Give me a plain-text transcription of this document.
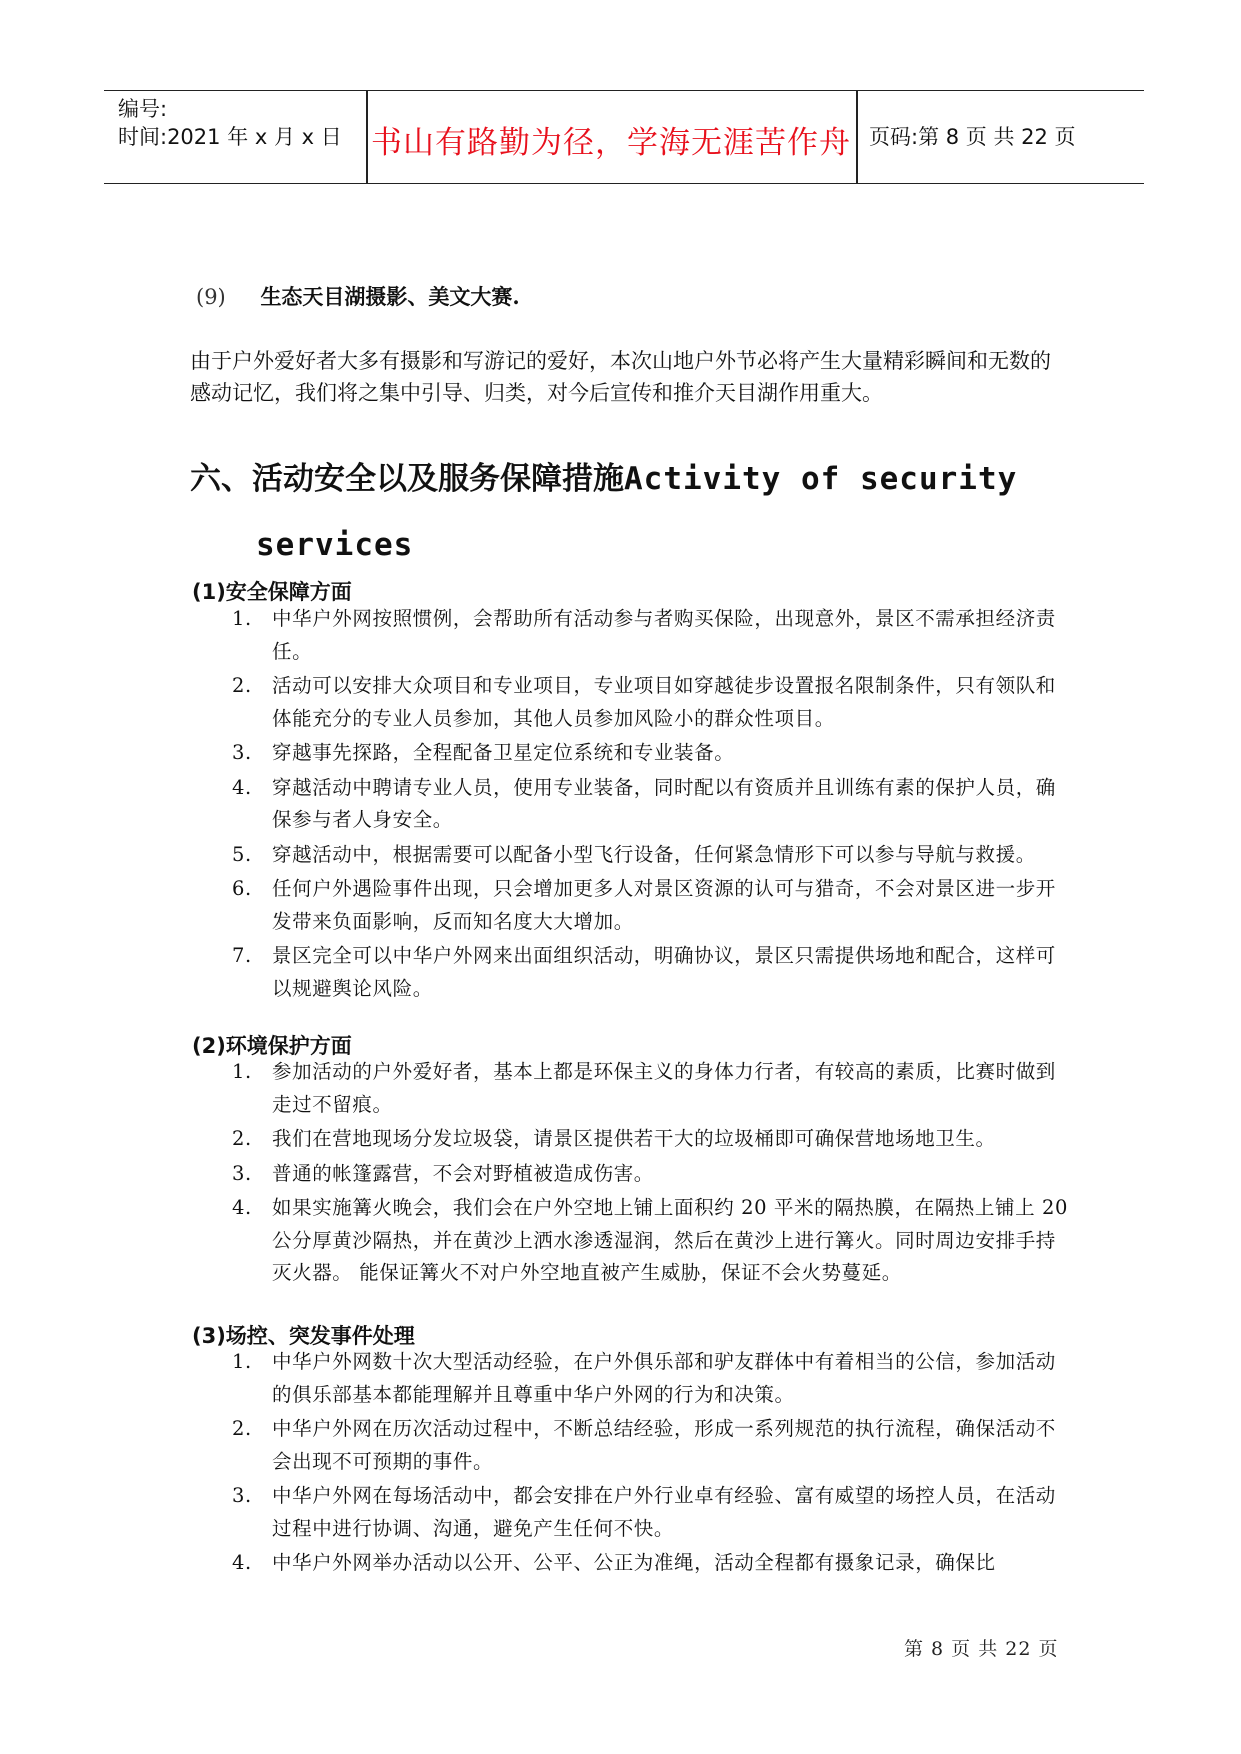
编号:
时间:2021 年 x 月 x 日 书山有路勤为径，学海无涯苦作舟 页码:第 8 页 共 22 页
(9) 生态天目湖摄影、美文大赛.
由于户外爱好者大多有摄影和写游记的爱好，本次山地户外节必将产生大量精彩瞬间和无数的感动记忆，我们将之集中引导、归类，对今后宣传和推介天目湖作用重大。
六、活动安全以及服务保障措施Activity of security
services
(1)安全保障方面
1. 中华户外网按照惯例，会帮助所有活动参与者购买保险，出现意外，景区不需承担经济责任。
2. 活动可以安排大众项目和专业项目，专业项目如穿越徒步设置报名限制条件，只有领队和体能充分的专业人员参加，其他人员参加风险小的群众性项目。
3. 穿越事先探路，全程配备卫星定位系统和专业装备。
4. 穿越活动中聘请专业人员，使用专业装备，同时配以有资质并且训练有素的保护人员，确保参与者人身安全。
5. 穿越活动中，根据需要可以配备小型飞行设备，任何紧急情形下可以参与导航与救援。
6. 任何户外遇险事件出现，只会增加更多人对景区资源的认可与猎奇，不会对景区进一步开发带来负面影响，反而知名度大大增加。
7. 景区完全可以中华户外网来出面组织活动，明确协议，景区只需提供场地和配合，这样可以规避舆论风险。
(2)环境保护方面
1. 参加活动的户外爱好者，基本上都是环保主义的身体力行者，有较高的素质，比赛时做到走过不留痕。
2. 我们在营地现场分发垃圾袋，请景区提供若干大的垃圾桶即可确保营地场地卫生。
3. 普通的帐篷露营，不会对野植被造成伤害。
4. 如果实施篝火晚会，我们会在户外空地上铺上面积约 20 平米的隔热膜，在隔热上铺上 20 公分厚黄沙隔热，并在黄沙上洒水渗透湿润，然后在黄沙上进行篝火。同时周边安排手持灭火器。 能保证篝火不对户外空地直被产生威胁，保证不会火势蔓延。
(3)场控、突发事件处理
1. 中华户外网数十次大型活动经验，在户外俱乐部和驴友群体中有着相当的公信，参加活动的俱乐部基本都能理解并且尊重中华户外网的行为和决策。
2. 中华户外网在历次活动过程中，不断总结经验，形成一系列规范的执行流程，确保活动不会出现不可预期的事件。
3. 中华户外网在每场活动中，都会安排在户外行业卓有经验、富有威望的场控人员，在活动过程中进行协调、沟通，避免产生任何不快。
4. 中华户外网举办活动以公开、公平、公正为准绳，活动全程都有摄象记录，确保比
第 8 页 共 22 页
